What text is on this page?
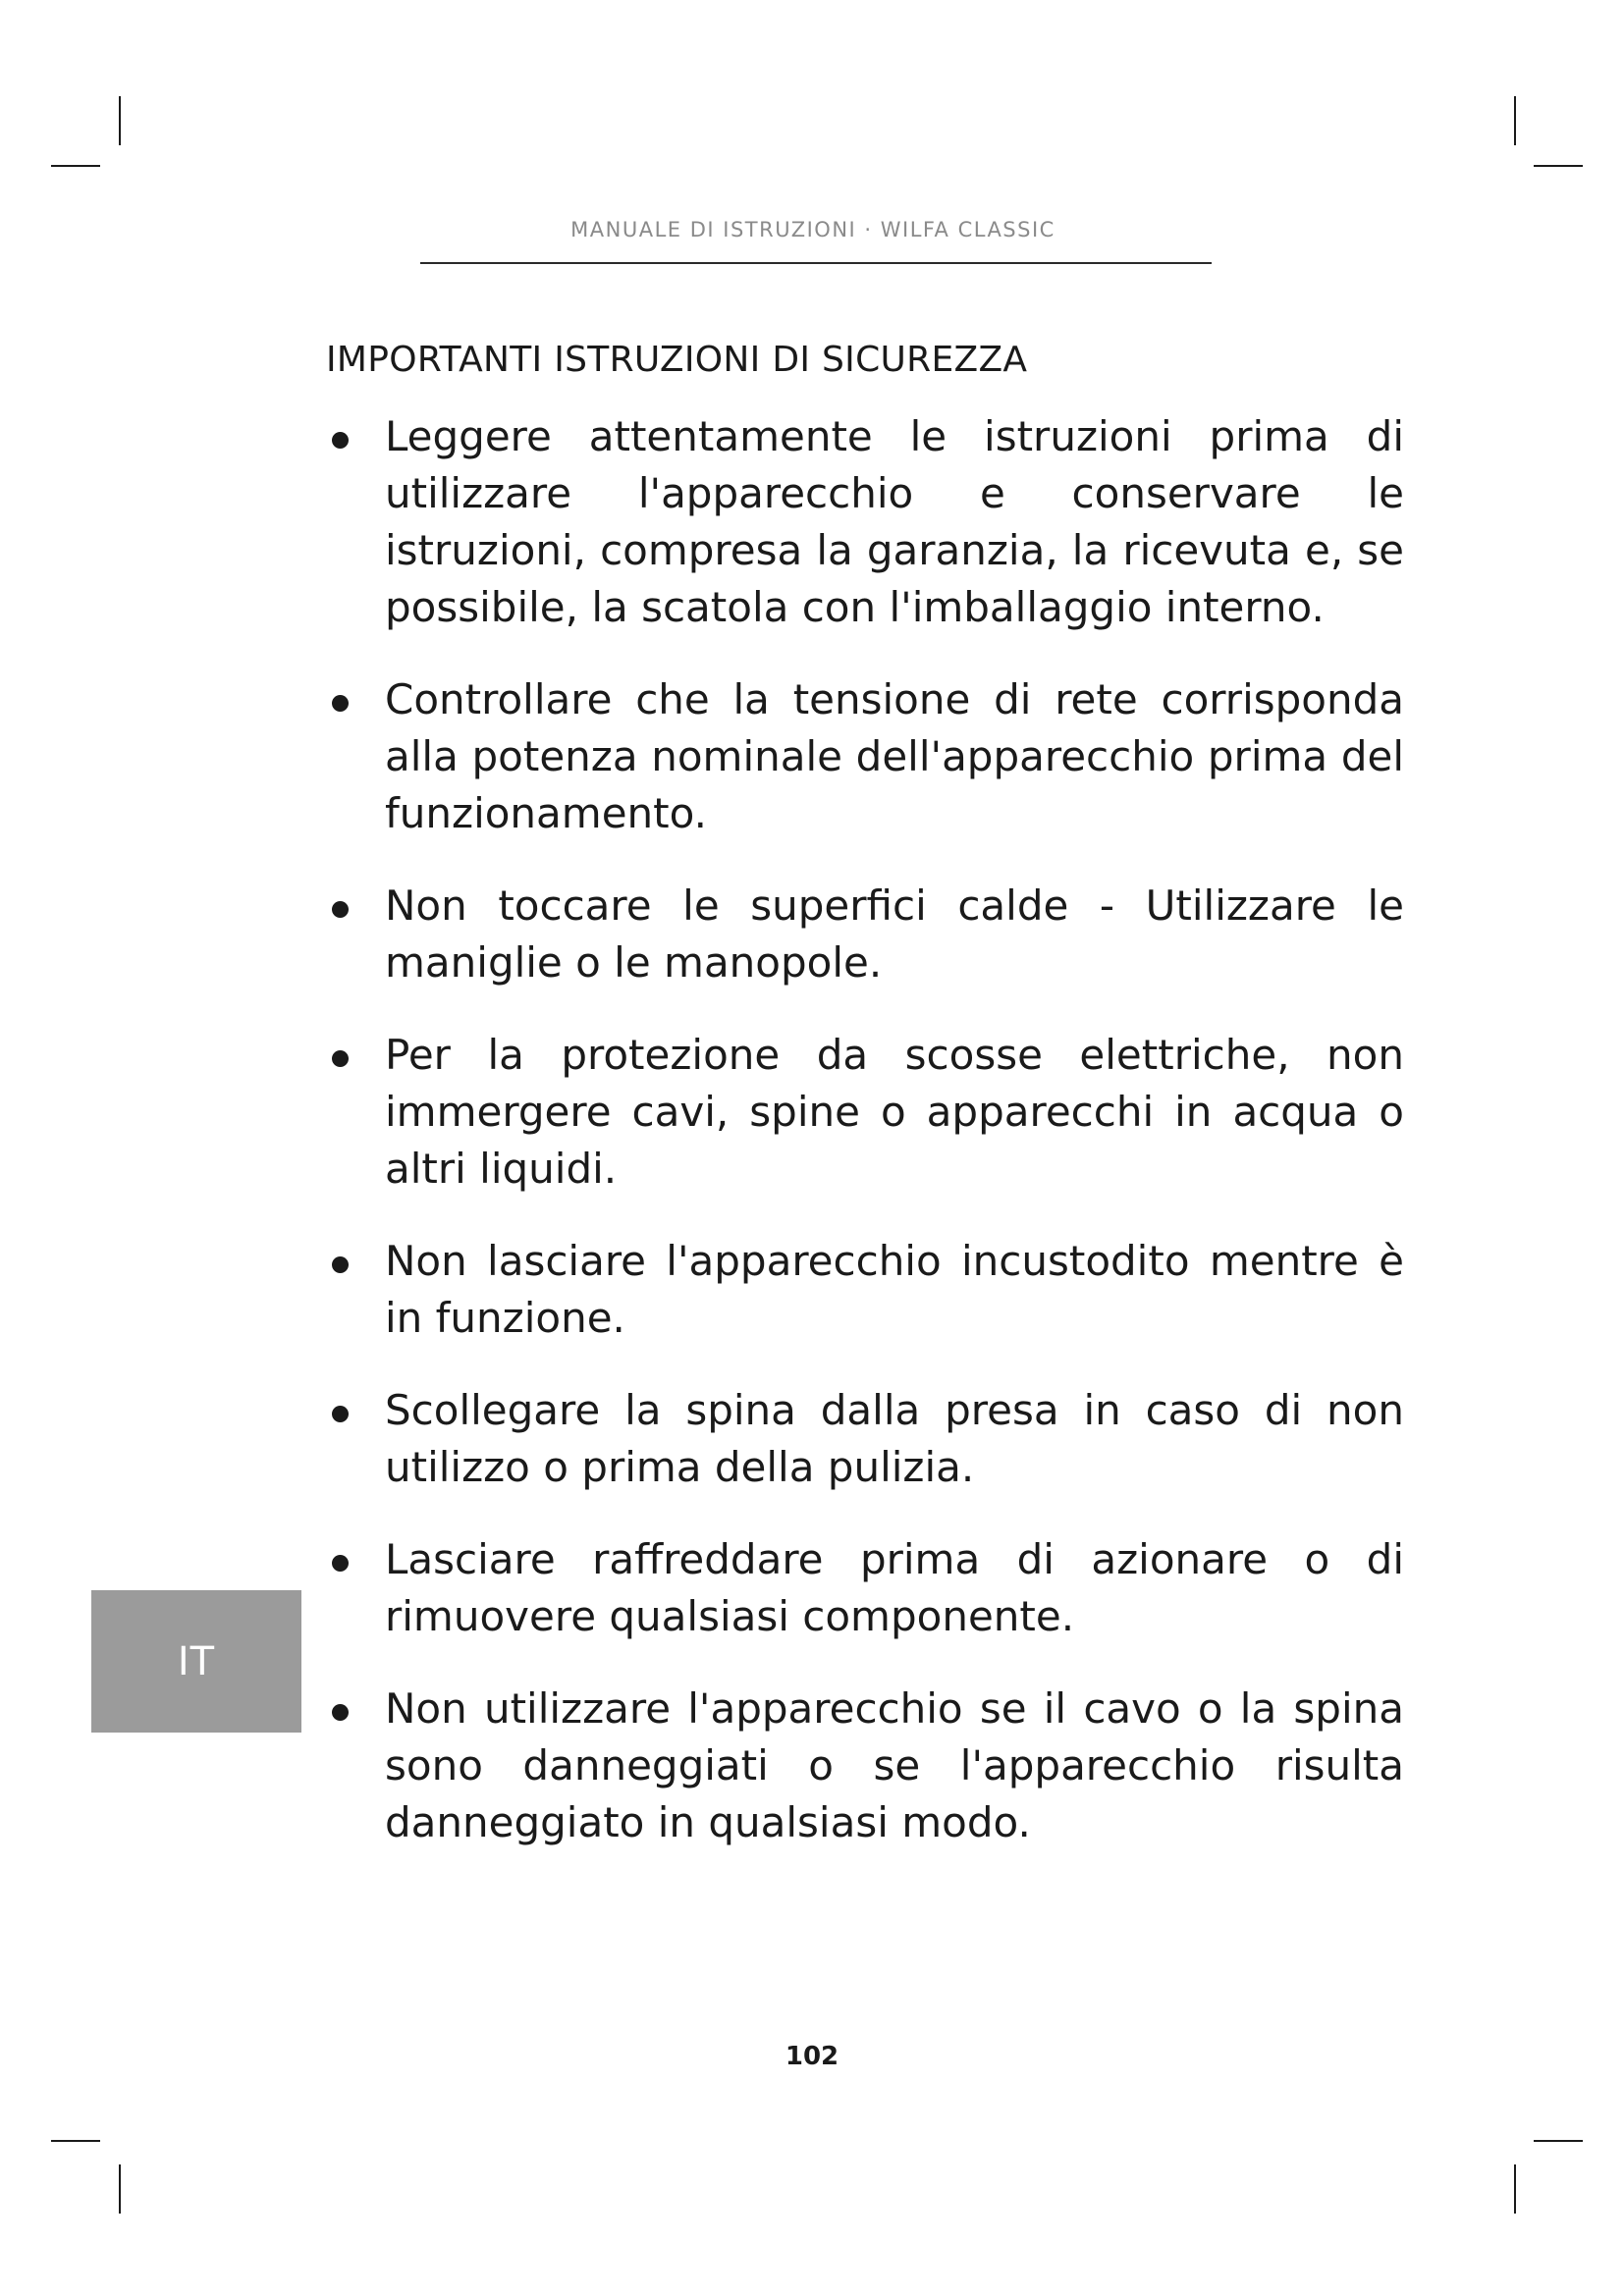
MANUALE DI ISTRUZIONI · WILFA CLASSIC
IMPORTANTI ISTRUZIONI DI SICUREZZA
Leggere attentamente le istruzioni prima di utilizzare l'apparecchio e conservare le istruzioni, compresa la garanzia, la ricevuta e, se possibile, la scatola con l'imballaggio interno.
Controllare che la tensione di rete corrisponda alla potenza nominale dell'apparecchio prima del funzionamento.
Non toccare le superfici calde - Utilizzare le maniglie o le manopole.
Per la protezione da scosse elettriche, non immergere cavi, spine o apparecchi in acqua o altri liquidi.
Non lasciare l'apparecchio incustodito mentre è in funzione.
Scollegare la spina dalla presa in caso di non utilizzo o prima della pulizia.
Lasciare raffreddare prima di azionare o di rimuovere qualsiasi componente.
Non utilizzare l'apparecchio se il cavo o la spina sono danneggiati o se l'apparecchio risulta danneggiato in qualsiasi modo.
IT
102
